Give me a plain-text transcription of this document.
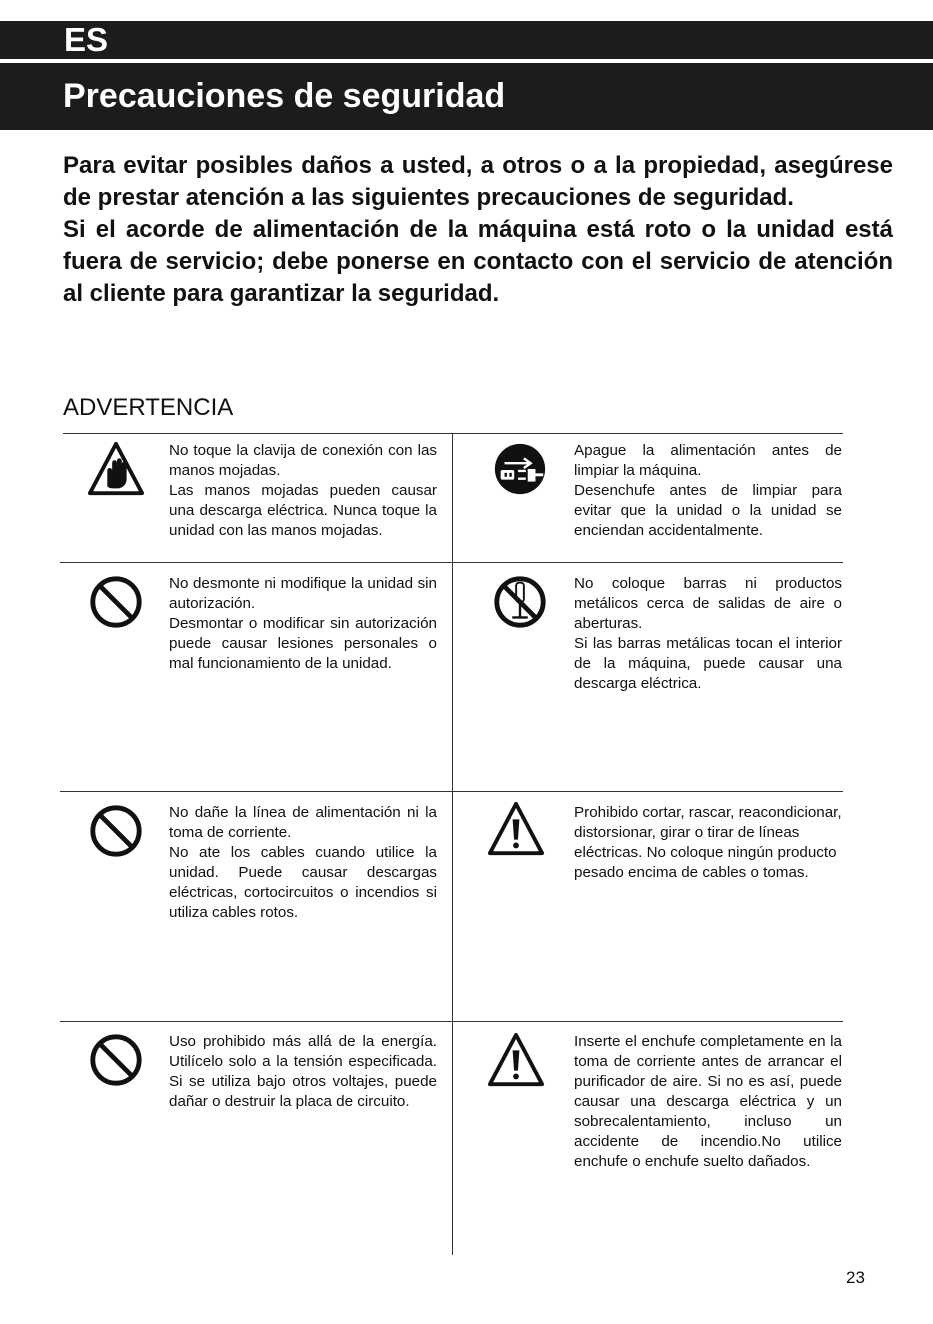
ES
Precauciones de seguridad

Para evitar posibles daños a usted, a otros o a la propiedad, asegúrese de prestar atención a las siguientes precauciones de seguridad.

Si el acorde de alimentación de la máquina está roto o la unidad está fuera de servicio; debe ponerse en contacto con el servicio de atención al cliente para garantizar la seguridad.

ADVERTENCIA

No toque la clavija de conexión con las manos mojadas.

Las manos mojadas pueden causar una descarga eléctrica. Nunca toque la unidad con las manos mojadas.

Apague la alimentación antes de limpiar la máquina.

Desenchufe antes de limpiar para evitar que la unidad o la unidad se enciendan accidentalmente.

No desmonte ni modifique la unidad sin autorización.

Desmontar o modificar sin autorización puede causar lesiones personales o mal funcionamiento de la unidad.

No coloque barras ni productos metálicos cerca de salidas de aire o aberturas.

Si las barras metálicas tocan el interior de la máquina, puede causar una descarga eléctrica.

No dañe la línea de alimentación ni la toma de corriente.

No ate los cables cuando utilice la unidad. Puede causar descargas eléctricas, cortocircuitos o incendios si utiliza cables rotos.

Prohibido cortar, rascar, reacondicionar, distorsionar, girar o tirar de líneas eléctricas. No coloque ningún producto pesado encima de cables o tomas.

Uso prohibido más allá de la energía. Utilícelo solo a la tensión especificada. Si se utiliza bajo otros voltajes, puede dañar o destruir la placa de circuito.

Inserte el enchufe completamente en la toma de corriente antes de arrancar el purificador de aire. Si no es así, puede causar una descarga eléctrica y un sobrecalentamiento, incluso un accidente de incendio.No utilice enchufe o enchufe suelto dañados.

23
